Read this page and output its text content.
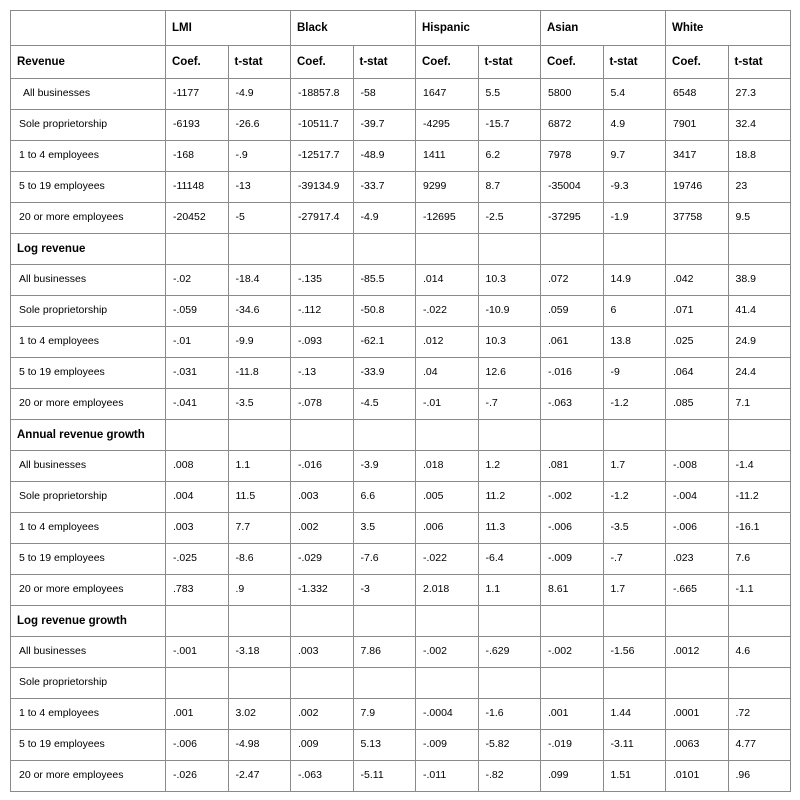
	LMI		Black		Hispanic		Asian		White	
Revenue	Coef.	t-stat	Coef.	t-stat	Coef.	t-stat	Coef.	t-stat	Coef.	t-stat
All businesses	-1177	-4.9	-18857.8	-58	1647	5.5	5800	5.4	6548	27.3
Sole proprietorship	-6193	-26.6	-10511.7	-39.7	-4295	-15.7	6872	4.9	7901	32.4
1 to 4 employees	-168	-.9	-12517.7	-48.9	1411	6.2	7978	9.7	3417	18.8
5 to 19 employees	-11148	-13	-39134.9	-33.7	9299	8.7	-35004	-9.3	19746	23
20 or more employees	-20452	-5	-27917.4	-4.9	-12695	-2.5	-37295	-1.9	37758	9.5
Log revenue										
All businesses	-.02	-18.4	-.135	-85.5	.014	10.3	.072	14.9	.042	38.9
Sole proprietorship	-.059	-34.6	-.112	-50.8	-.022	-10.9	.059	6	.071	41.4
1 to 4 employees	-.01	-9.9	-.093	-62.1	.012	10.3	.061	13.8	.025	24.9
5 to 19 employees	-.031	-11.8	-.13	-33.9	.04	12.6	-.016	-9	.064	24.4
20 or more employees	-.041	-3.5	-.078	-4.5	-.01	-.7	-.063	-1.2	.085	7.1
Annual revenue growth										
All businesses	.008	1.1	-.016	-3.9	.018	1.2	.081	1.7	-.008	-1.4
Sole proprietorship	.004	11.5	.003	6.6	.005	11.2	-.002	-1.2	-.004	-11.2
1 to 4 employees	.003	7.7	.002	3.5	.006	11.3	-.006	-3.5	-.006	-16.1
5 to 19 employees	-.025	-8.6	-.029	-7.6	-.022	-6.4	-.009	-.7	.023	7.6
20 or more employees	.783	.9	-1.332	-3	2.018	1.1	8.61	1.7	-.665	-1.1
Log revenue growth										
All businesses	-.001	-3.18	.003	7.86	-.002	-.629	-.002	-1.56	.0012	4.6
Sole proprietorship										
1 to 4 employees	.001	3.02	.002	7.9	-.0004	-1.6	.001	1.44	.0001	.72
5 to 19 employees	-.006	-4.98	.009	5.13	-.009	-5.82	-.019	-3.11	.0063	4.77
20 or more employees	-.026	-2.47	-.063	-5.11	-.011	-.82	.099	1.51	.0101	.96
